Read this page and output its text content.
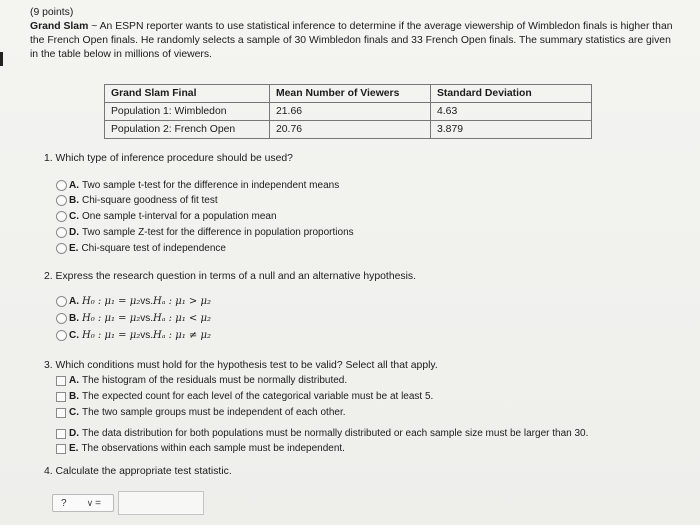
(9 points)

Grand Slam ~ An ESPN reporter wants to use statistical inference to determine if the average viewership of Wimbledon finals is higher than the French Open finals. He randomly selects a sample of 30 Wimbledon finals and 33 French Open finals. The summary statistics are given in the table below in millions of viewers.

Grand Slam Final	Mean Number of Viewers	Standard Deviation
Population 1: Wimbledon	21.66	4.63
Population 2: French Open	20.76	3.879
1. Which type of inference procedure should be used?
A. Two sample t-test for the difference in independent means
B. Chi-square goodness of fit test
C. One sample t-interval for a population mean
D. Two sample Z-test for the difference in population proportions
E. Chi-square test of independence
2. Express the research question in terms of a null and an alternative hypothesis.
A. H₀ : μ₁ = μ₂ vs. Hₐ : μ₁ > μ₂
B. H₀ : μ₁ = μ₂ vs. Hₐ : μ₁ < μ₂
C. H₀ : μ₁ = μ₂ vs. Hₐ : μ₁ ≠ μ₂
3. Which conditions must hold for the hypothesis test to be valid? Select all that apply.
A. The histogram of the residuals must be normally distributed.
B. The expected count for each level of the categorical variable must be at least 5.
C. The two sample groups must be independent of each other.
D. The data distribution for both populations must be normally distributed or each sample size must be larger than 30.
E. The observations within each sample must be independent.
4. Calculate the appropriate test statistic.
? ∨ =
